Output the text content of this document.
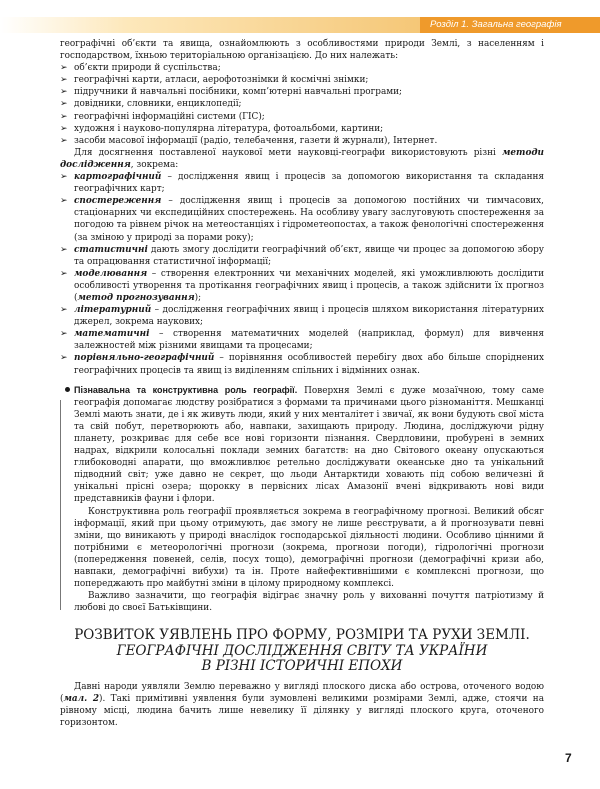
Розділ 1. Загальна географія

географічні об’єкти та явища, ознайомлюють з особливостями природи Землі, з населенням і господарством, їхньою територіальною організацією. До них належать:

➢ об’єкти природи й суспільства;

➢ географічні карти, атласи, аерофотознімки й космічні знімки;

➢ підручники й навчальні посібники, комп’ютерні навчальні програми;

➢ довідники, словники, енциклопедії;

➢ географічні інформаційні системи (ГІС);

➢ художня і науково-популярна література, фотоальбоми, картини;

➢ засоби масової інформації (радіо, телебачення, газети й журнали), Інтернет.

Для досягнення поставленої наукової мети науковці-географи використовують різні методи дослідження, зокрема:

➢ картографічний – дослідження явищ і процесів за допомогою використання та складання географічних карт;

➢ спостереження – дослідження явищ і процесів за допомогою постійних чи тимчасових, стаціонарних чи експедиційних спостережень. На особливу увагу заслуговують спостереження за погодою та рівнем річок на метеостанціях і гідрометеопостах, а також фенологічні спостереження (за зміною у природі за порами року);

➢ статистичні дають змогу дослідити географічний об’єкт, явище чи процес за допомогою збору та опрацювання статистичної інформації;

➢ моделювання – створення електронних чи механічних моделей, які уможливлюють дослідити особливості утворення та протікання географічних явищ і процесів, а також здійснити їх прогноз (метод прогнозування);

➢ літературний – дослідження географічних явищ і процесів шляхом використання літературних джерел, зокрема наукових;

➢ математичні – створення математичних моделей (наприклад, формул) для вивчення залежностей між різними явищами та процесами;

➢ порівняльно-географічний – порівняння особливостей перебігу двох або більше споріднених географічних процесів та явищ із виділенням спільних і відмінних ознак.

Пізнавальна та конструктивна роль географії. Поверхня Землі є дуже мозаїчною, тому саме географія допомагає людству розібратися з формами та причинами цього різноманіття. Мешканці Землі мають знати, де і як живуть люди, який у них менталітет і звичаї, як вони будують свої міста та свій побут, перетворюють або, навпаки, захищають природу. Людина, досліджуючи рідну планету, розкриває для себе все нові горизонти пізнання. Свердловини, пробурені в земних надрах, відкрили колосальні поклади земних багатств: на дно Світового океану опускаються глибоководні апарати, що вможливлює ретельно досліджувати океанське дно та унікальний підводний світ; уже давно не секрет, що льоди Антарктиди ховають під собою величезні й унікальні прісні озера; щорокку в первісних лісах Амазонії вчені відкривають нові види представників фауни і флори.

Конструктивна роль географії проявляється зокрема в географічному прогнозі. Великий обсяг інформації, який при цьому отримують, дає змогу не лише реєструвати, а й прогнозувати певні зміни, що виникають у природі внаслідок господарської діяльності людини. Особливо цінними й потрібними є метеорологічні прогнози (зокрема, прогнози погоди), гідрологічні прогнози (попередження повеней, селів, посух тощо), демографічні прогнози (демографічні кризи або, навпаки, демографічні вибухи) та ін. Проте найефективнішими є комплексні прогнози, що попереджають про майбутні зміни в цілому природному комплексі.

Важливо зазначити, що географія відіграє значну роль у вихованні почуття патріотизму й любові до своєї Батьківщини.

РОЗВИТОК УЯВЛЕНЬ ПРО ФОРМУ, РОЗМІРИ ТА РУХИ ЗЕМЛІ.
ГЕОГРАФІЧНІ ДОСЛІДЖЕННЯ СВІТУ ТА УКРАЇНИ
В РІЗНІ ІСТОРИЧНІ ЕПОХИ

Давні народи уявляли Землю переважно у вигляді плоского диска або острова, оточеного водою (мал. 2). Такі примітивні уявлення були зумовлені великими розмірами Землі, адже, стоячи на рівному місці, людина бачить лише невелику її ділянку у вигляді плоского круга, оточеного горизонтом.

7
